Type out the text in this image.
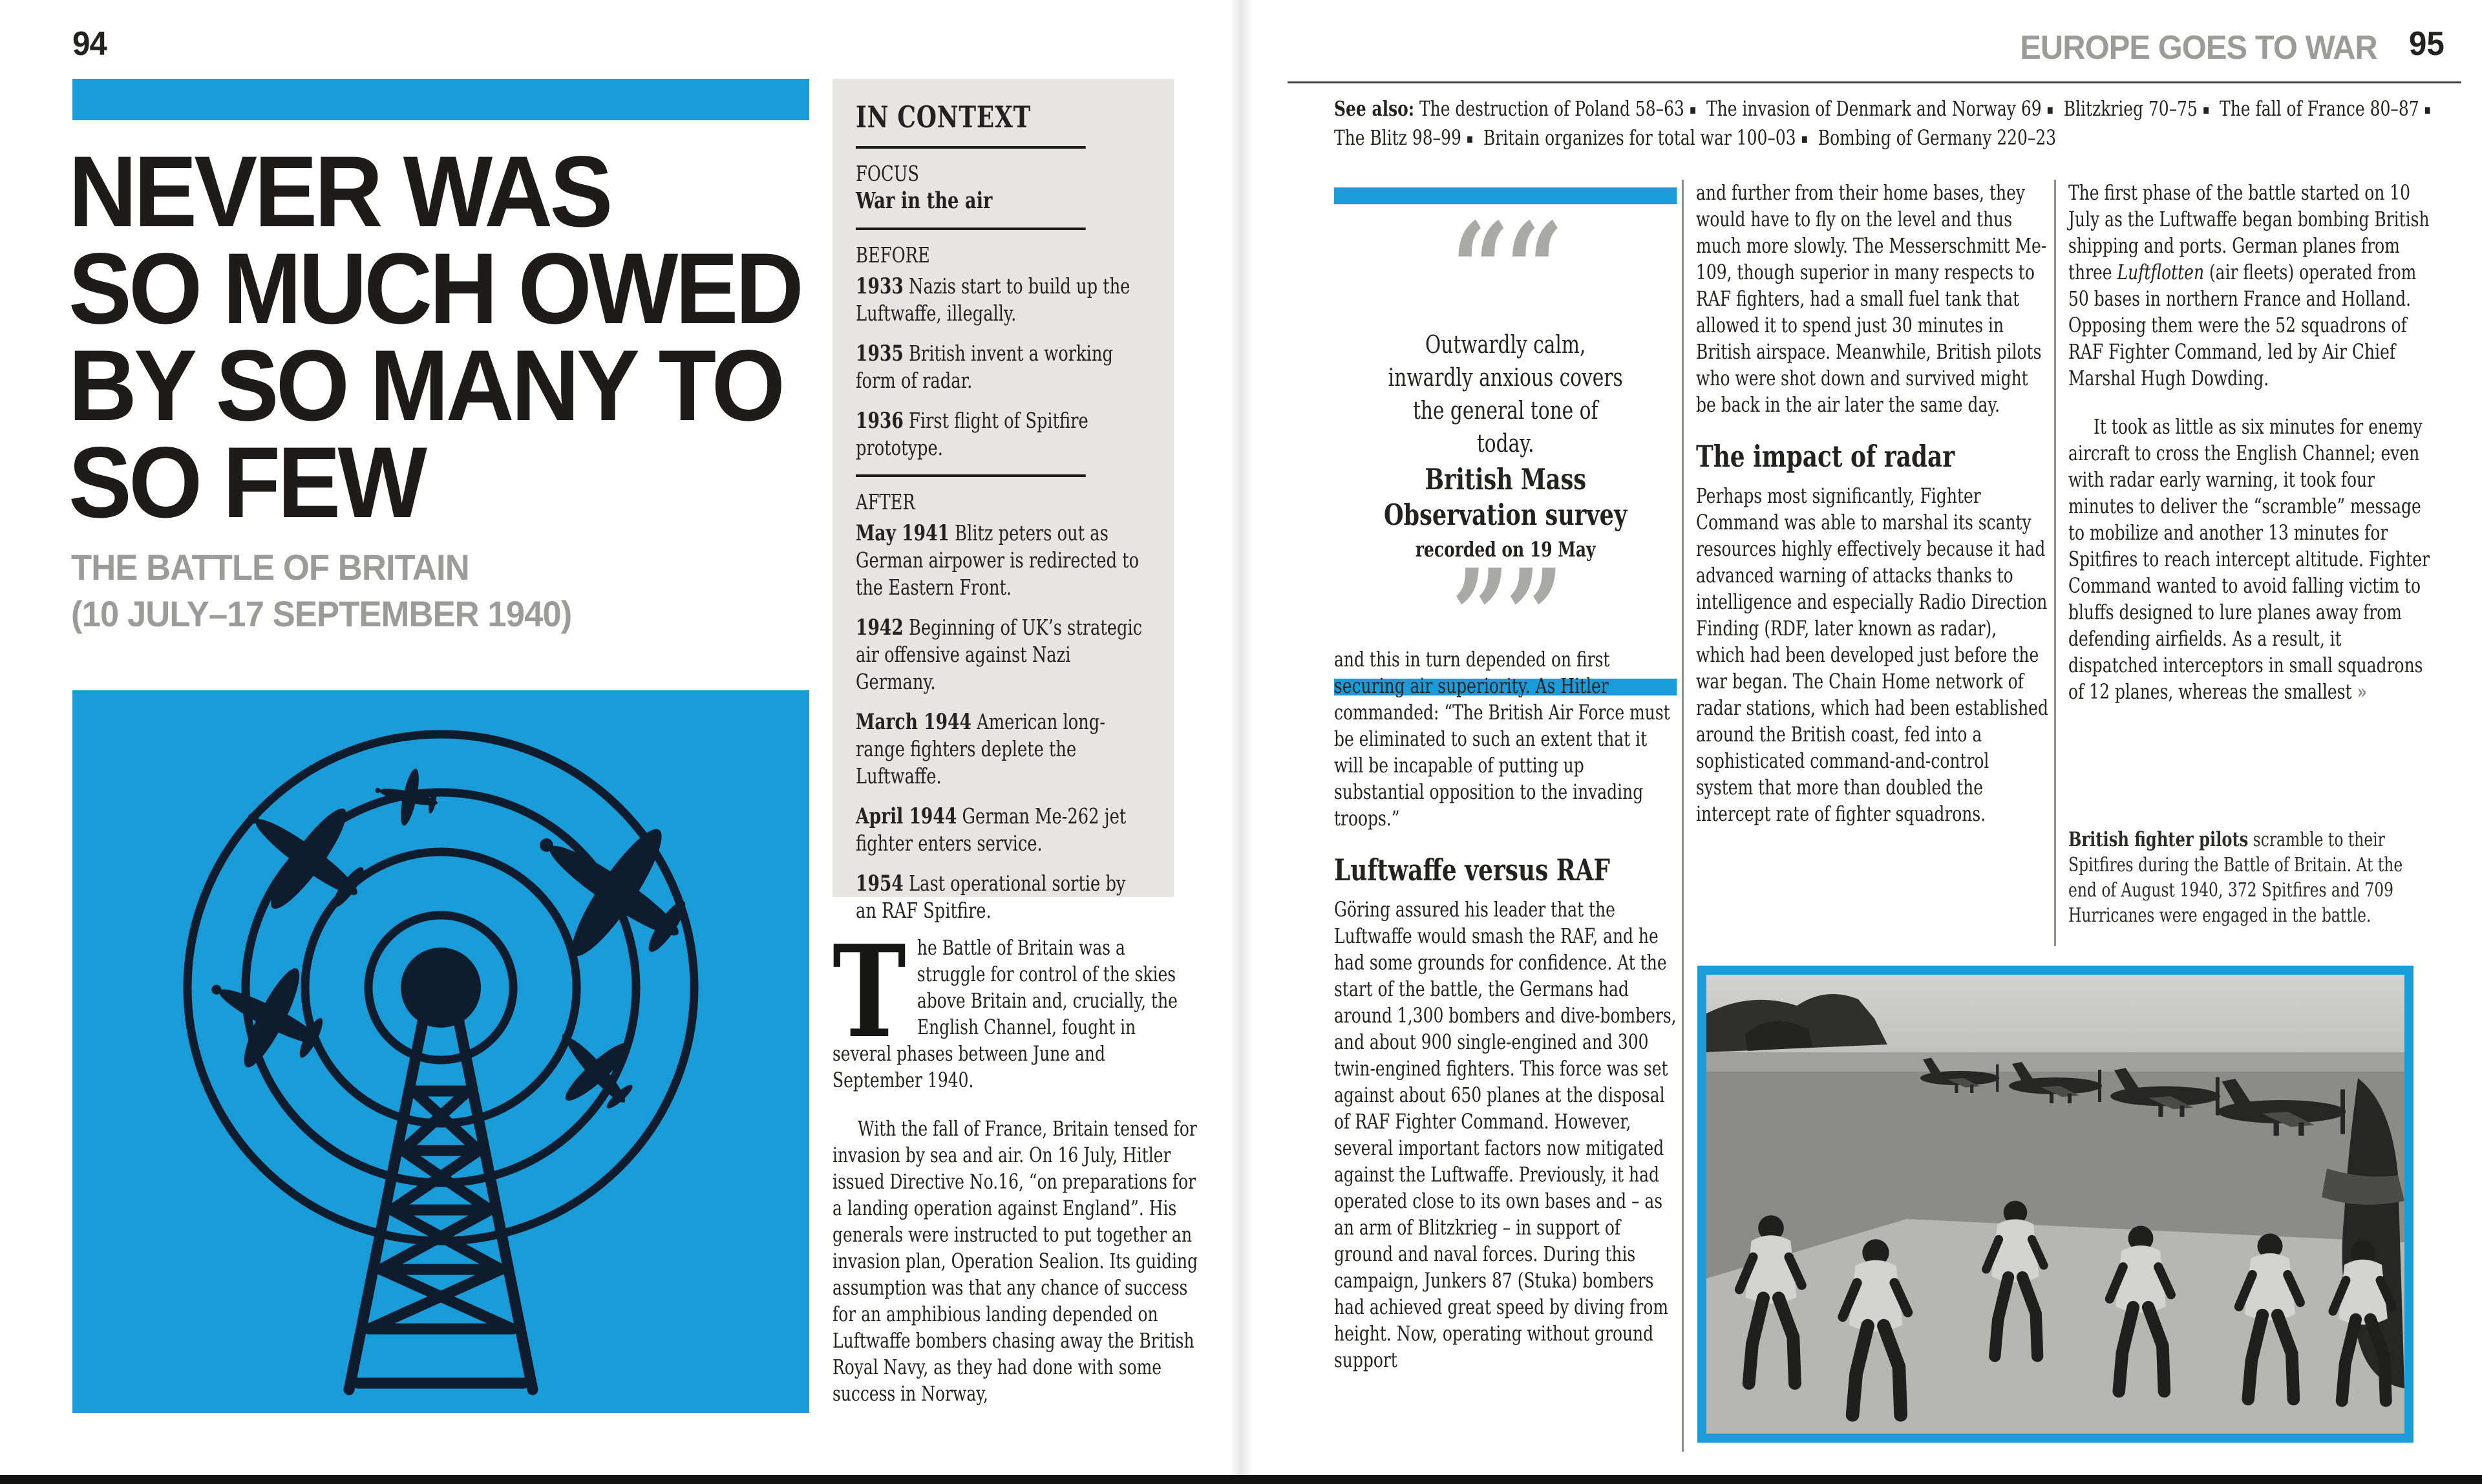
94
NEVER WAS
SO MUCH OWED
BY SO MANY TO
SO FEW
THE BATTLE OF BRITAIN
(10 JULY–17 SEPTEMBER 1940)
IN CONTEXT

FOCUS

War in the air

BEFORE

1933 Nazis start to build up the Luftwaffe, illegally.

1935 British invent a working form of radar.

1936 First flight of Spitfire prototype.

AFTER

May 1941 Blitz peters out as German airpower is redirected to the Eastern Front.

1942 Beginning of UK’s strategic air offensive against Nazi Germany.

March 1944 American long-range fighters deplete the Luftwaffe.

April 1944 German Me-262 jet fighter enters service.

1954 Last operational sortie by an RAF Spitfire.

The Battle of Britain was a struggle for control of the skies above Britain and, crucially, the English Channel, fought in several phases between June and September 1940.

With the fall of France, Britain tensed for invasion by sea and air. On 16 July, Hitler issued Directive No.16, “on preparations for a landing operation against England”. His generals were instructed to put together an invasion plan, Operation Sealion. Its guiding assumption was that any chance of success for an amphibious landing depended on Luftwaffe bombers chasing away the British Royal Navy, as they had done with some success in Norway,

EUROPE GOES TO WAR 95
See also: The destruction of Poland 58–63 ▪ The invasion of Denmark and Norway 69 ▪ Blitzkrieg 70–75 ▪ The fall of France 80–87 ▪ The Blitz 98–99 ▪ Britain organizes for total war 100–03 ▪ Bombing of Germany 220–23
““
Outwardly calm, inwardly anxious covers the general tone of today.
British Mass Observation survey
recorded on 19 May
””

and this in turn depended on first securing air superiority. As Hitler commanded: “The British Air Force must be eliminated to such an extent that it will be incapable of putting up substantial opposition to the invading troops.”

Luftwaffe versus RAF

Göring assured his leader that the Luftwaffe would smash the RAF, and he had some grounds for confidence. At the start of the battle, the Germans had around 1,300 bombers and dive-bombers, and about 900 single-engined and 300 twin-engined fighters. This force was set against about 650 planes at the disposal of RAF Fighter Command. However, several important factors now mitigated against the Luftwaffe. Previously, it had operated close to its own bases and – as an arm of Blitzkrieg – in support of ground and naval forces. During this campaign, Junkers 87 (Stuka) bombers had achieved great speed by diving from height. Now, operating without ground support

and further from their home bases, they would have to fly on the level and thus much more slowly. The Messerschmitt Me-109, though superior in many respects to RAF fighters, had a small fuel tank that allowed it to spend just 30 minutes in British airspace. Meanwhile, British pilots who were shot down and survived might be back in the air later the same day.

The impact of radar

Perhaps most significantly, Fighter Command was able to marshal its scanty resources highly effectively because it had advanced warning of attacks thanks to intelligence and especially Radio Direction Finding (RDF, later known as radar), which had been developed just before the war began. The Chain Home network of radar stations, which had been established around the British coast, fed into a sophisticated command-and-control system that more than doubled the intercept rate of fighter squadrons.

The first phase of the battle started on 10 July as the Luftwaffe began bombing British shipping and ports. German planes from three Luftflotten (air fleets) operated from 50 bases in northern France and Holland. Opposing them were the 52 squadrons of RAF Fighter Command, led by Air Chief Marshal Hugh Dowding.

It took as little as six minutes for enemy aircraft to cross the English Channel; even with radar early warning, it took four minutes to deliver the “scramble” message to mobilize and another 13 minutes for Spitfires to reach intercept altitude. Fighter Command wanted to avoid falling victim to bluffs designed to lure planes away from defending airfields. As a result, it dispatched interceptors in small squadrons of 12 planes, whereas the smallest »

British fighter pilots scramble to their Spitfires during the Battle of Britain. At the end of August 1940, 372 Spitfires and 709 Hurricanes were engaged in the battle.
